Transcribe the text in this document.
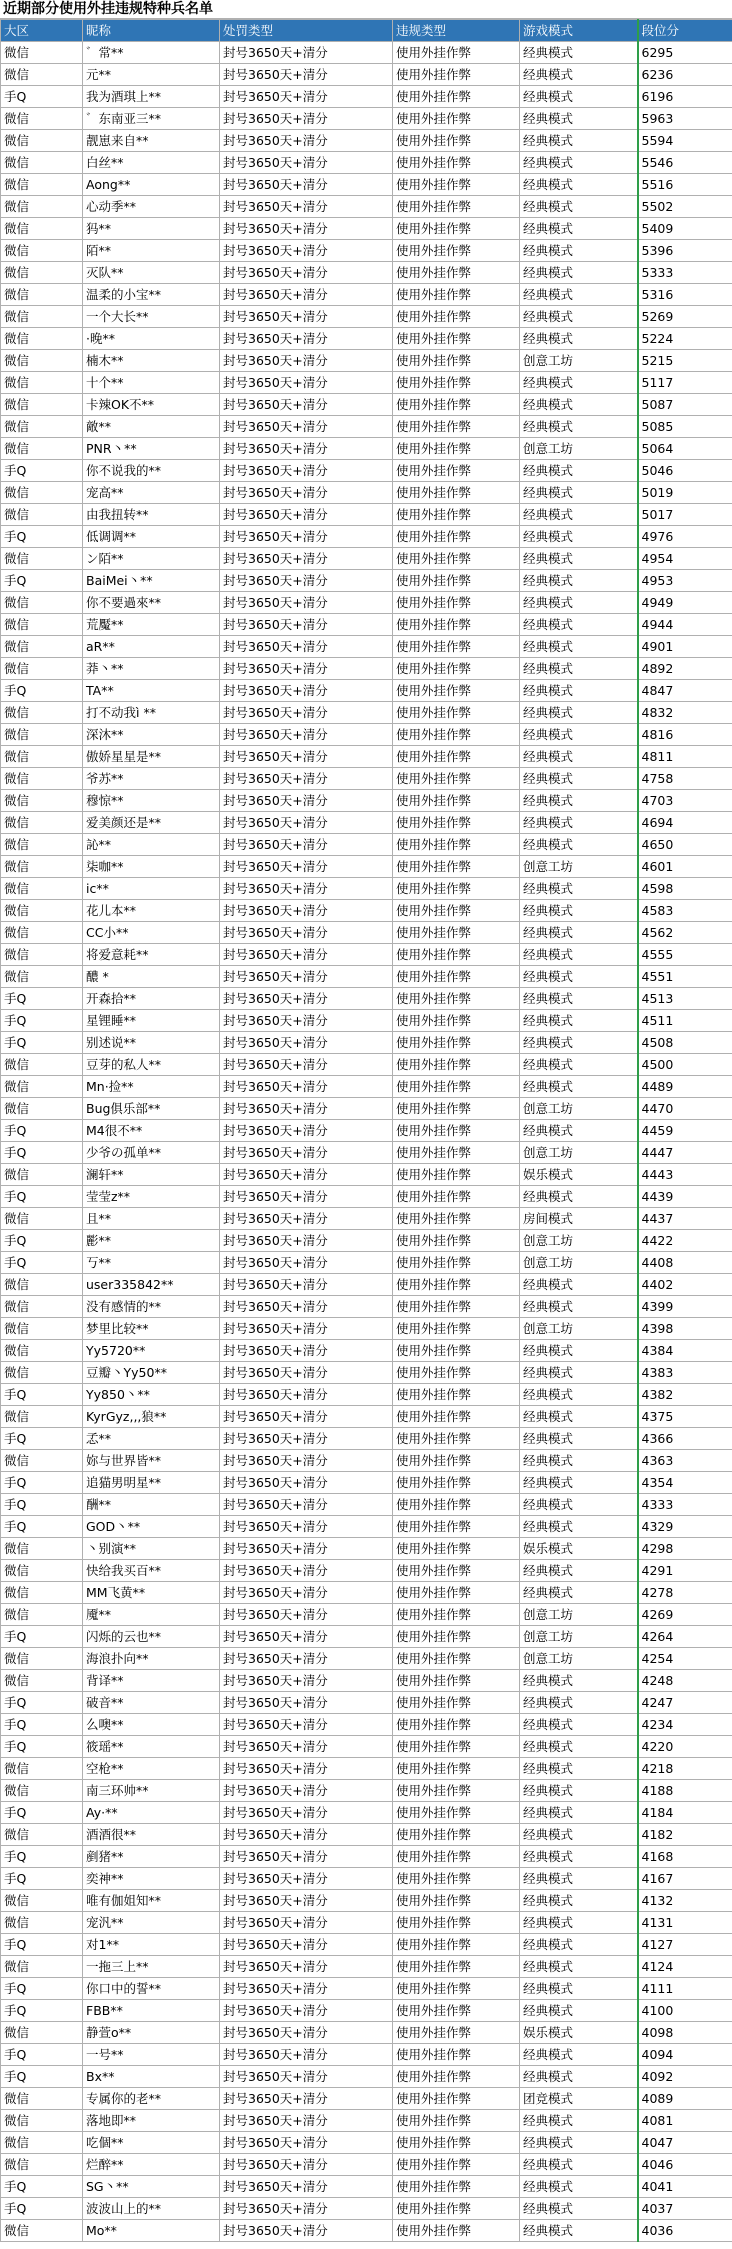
近期部分使用外挂违规特种兵名单
大区	昵称	处罚类型	违规类型	游戏模式	段位分
微信	゛常**	封号3650天+清分	使用外挂作弊	经典模式	6295
微信	元**	封号3650天+清分	使用外挂作弊	经典模式	6236
手Q	我为酒琪上**	封号3650天+清分	使用外挂作弊	经典模式	6196
微信	゛东南亚三**	封号3650天+清分	使用外挂作弊	经典模式	5963
微信	靓崽来自**	封号3650天+清分	使用外挂作弊	经典模式	5594
微信	白丝**	封号3650天+清分	使用外挂作弊	经典模式	5546
微信	Aong**	封号3650天+清分	使用外挂作弊	经典模式	5516
微信	心动季**	封号3650天+清分	使用外挂作弊	经典模式	5502
微信	犸**	封号3650天+清分	使用外挂作弊	经典模式	5409
微信	陌**	封号3650天+清分	使用外挂作弊	经典模式	5396
微信	灭队**	封号3650天+清分	使用外挂作弊	经典模式	5333
微信	温柔的小宝**	封号3650天+清分	使用外挂作弊	经典模式	5316
微信	一个大长**	封号3650天+清分	使用外挂作弊	经典模式	5269
微信	·晚**	封号3650天+清分	使用外挂作弊	经典模式	5224
微信	楠木**	封号3650天+清分	使用外挂作弊	创意工坊	5215
微信	十个**	封号3650天+清分	使用外挂作弊	经典模式	5117
微信	卡辣OK不**	封号3650天+清分	使用外挂作弊	经典模式	5087
微信	敵**	封号3650天+清分	使用外挂作弊	经典模式	5085
微信	PNR丶**	封号3650天+清分	使用外挂作弊	创意工坊	5064
手Q	你不说我的**	封号3650天+清分	使用外挂作弊	经典模式	5046
微信	宠高**	封号3650天+清分	使用外挂作弊	经典模式	5019
微信	由我扭转**	封号3650天+清分	使用外挂作弊	经典模式	5017
手Q	低调调**	封号3650天+清分	使用外挂作弊	经典模式	4976
微信	ン陌**	封号3650天+清分	使用外挂作弊	经典模式	4954
手Q	BaiMei丶**	封号3650天+清分	使用外挂作弊	经典模式	4953
微信	你不要過來**	封号3650天+清分	使用外挂作弊	经典模式	4949
微信	荒魘**	封号3650天+清分	使用外挂作弊	经典模式	4944
微信	aR**	封号3650天+清分	使用外挂作弊	经典模式	4901
微信	莽丶**	封号3650天+清分	使用外挂作弊	经典模式	4892
手Q	TA**	封号3650天+清分	使用外挂作弊	经典模式	4847
微信	打不动我ì **	封号3650天+清分	使用外挂作弊	经典模式	4832
微信	深沐**	封号3650天+清分	使用外挂作弊	经典模式	4816
微信	傲娇星星是**	封号3650天+清分	使用外挂作弊	经典模式	4811
微信	爷苏**	封号3650天+清分	使用外挂作弊	经典模式	4758
微信	穆惊**	封号3650天+清分	使用外挂作弊	经典模式	4703
微信	爱美颜还是**	封号3650天+清分	使用外挂作弊	经典模式	4694
微信	訫**	封号3650天+清分	使用外挂作弊	经典模式	4650
微信	柒咖**	封号3650天+清分	使用外挂作弊	创意工坊	4601
微信	ic**	封号3650天+清分	使用外挂作弊	经典模式	4598
微信	花儿本**	封号3650天+清分	使用外挂作弊	经典模式	4583
微信	CC小**	封号3650天+清分	使用外挂作弊	经典模式	4562
微信	将爱意耗**	封号3650天+清分	使用外挂作弊	经典模式	4555
微信	醲 *	封号3650天+清分	使用外挂作弊	经典模式	4551
手Q	开森拾**	封号3650天+清分	使用外挂作弊	经典模式	4513
手Q	星锂睡**	封号3650天+清分	使用外挂作弊	经典模式	4511
手Q	别述说**	封号3650天+清分	使用外挂作弊	经典模式	4508
微信	豆芽的私人**	封号3650天+清分	使用外挂作弊	经典模式	4500
微信	Mn·捡**	封号3650天+清分	使用外挂作弊	经典模式	4489
微信	Bug俱乐部**	封号3650天+清分	使用外挂作弊	创意工坊	4470
手Q	M4很不**	封号3650天+清分	使用外挂作弊	经典模式	4459
手Q	少爷の孤单**	封号3650天+清分	使用外挂作弊	创意工坊	4447
微信	澜轩**	封号3650天+清分	使用外挂作弊	娱乐模式	4443
手Q	莹莹z**	封号3650天+清分	使用外挂作弊	经典模式	4439
微信	且**	封号3650天+清分	使用外挂作弊	房间模式	4437
手Q	彲**	封号3650天+清分	使用外挂作弊	创意工坊	4422
手Q	丂**	封号3650天+清分	使用外挂作弊	创意工坊	4408
微信	user335842**	封号3650天+清分	使用外挂作弊	经典模式	4402
微信	没有感情的**	封号3650天+清分	使用外挂作弊	经典模式	4399
微信	梦里比较**	封号3650天+清分	使用外挂作弊	创意工坊	4398
微信	Yy5720**	封号3650天+清分	使用外挂作弊	经典模式	4384
微信	豆瓣丶Yy50**	封号3650天+清分	使用外挂作弊	经典模式	4383
手Q	Yy850丶**	封号3650天+清分	使用外挂作弊	经典模式	4382
微信	KyrGyz,,,狼**	封号3650天+清分	使用外挂作弊	经典模式	4375
手Q	孞**	封号3650天+清分	使用外挂作弊	经典模式	4366
微信	妳与世界皆**	封号3650天+清分	使用外挂作弊	经典模式	4363
手Q	追猫男明星**	封号3650天+清分	使用外挂作弊	经典模式	4354
手Q	酬**	封号3650天+清分	使用外挂作弊	经典模式	4333
手Q	GOD丶**	封号3650天+清分	使用外挂作弊	经典模式	4329
微信	丶别演**	封号3650天+清分	使用外挂作弊	娱乐模式	4298
微信	快给我买百**	封号3650天+清分	使用外挂作弊	经典模式	4291
微信	MM飞黄**	封号3650天+清分	使用外挂作弊	经典模式	4278
微信	魇**	封号3650天+清分	使用外挂作弊	创意工坊	4269
手Q	闪烁的云也**	封号3650天+清分	使用外挂作弊	创意工坊	4264
微信	海浪扑向**	封号3650天+清分	使用外挂作弊	创意工坊	4254
微信	背译**	封号3650天+清分	使用外挂作弊	经典模式	4248
手Q	破音**	封号3650天+清分	使用外挂作弊	经典模式	4247
手Q	么噢**	封号3650天+清分	使用外挂作弊	经典模式	4234
手Q	筱瑶**	封号3650天+清分	使用外挂作弊	经典模式	4220
微信	空枪**	封号3650天+清分	使用外挂作弊	经典模式	4218
微信	南三环帅**	封号3650天+清分	使用外挂作弊	经典模式	4188
手Q	Ay·**	封号3650天+清分	使用外挂作弊	经典模式	4184
微信	酒酒很**	封号3650天+清分	使用外挂作弊	经典模式	4182
手Q	剷猪**	封号3650天+清分	使用外挂作弊	经典模式	4168
手Q	奕神**	封号3650天+清分	使用外挂作弊	经典模式	4167
微信	唯有伽姐知**	封号3650天+清分	使用外挂作弊	经典模式	4132
微信	宠汎**	封号3650天+清分	使用外挂作弊	经典模式	4131
手Q	对1**	封号3650天+清分	使用外挂作弊	经典模式	4127
微信	一拖三上**	封号3650天+清分	使用外挂作弊	经典模式	4124
手Q	你口中的誓**	封号3650天+清分	使用外挂作弊	经典模式	4111
手Q	FBB**	封号3650天+清分	使用外挂作弊	经典模式	4100
微信	静萱o**	封号3650天+清分	使用外挂作弊	娱乐模式	4098
手Q	一号**	封号3650天+清分	使用外挂作弊	经典模式	4094
手Q	Bx**	封号3650天+清分	使用外挂作弊	经典模式	4092
微信	专属你的老**	封号3650天+清分	使用外挂作弊	团竞模式	4089
微信	落地即**	封号3650天+清分	使用外挂作弊	经典模式	4081
微信	吃個**	封号3650天+清分	使用外挂作弊	经典模式	4047
微信	烂醉**	封号3650天+清分	使用外挂作弊	经典模式	4046
手Q	SG丶**	封号3650天+清分	使用外挂作弊	经典模式	4041
手Q	波波山上的**	封号3650天+清分	使用外挂作弊	经典模式	4037
微信	Mo**	封号3650天+清分	使用外挂作弊	经典模式	4036
